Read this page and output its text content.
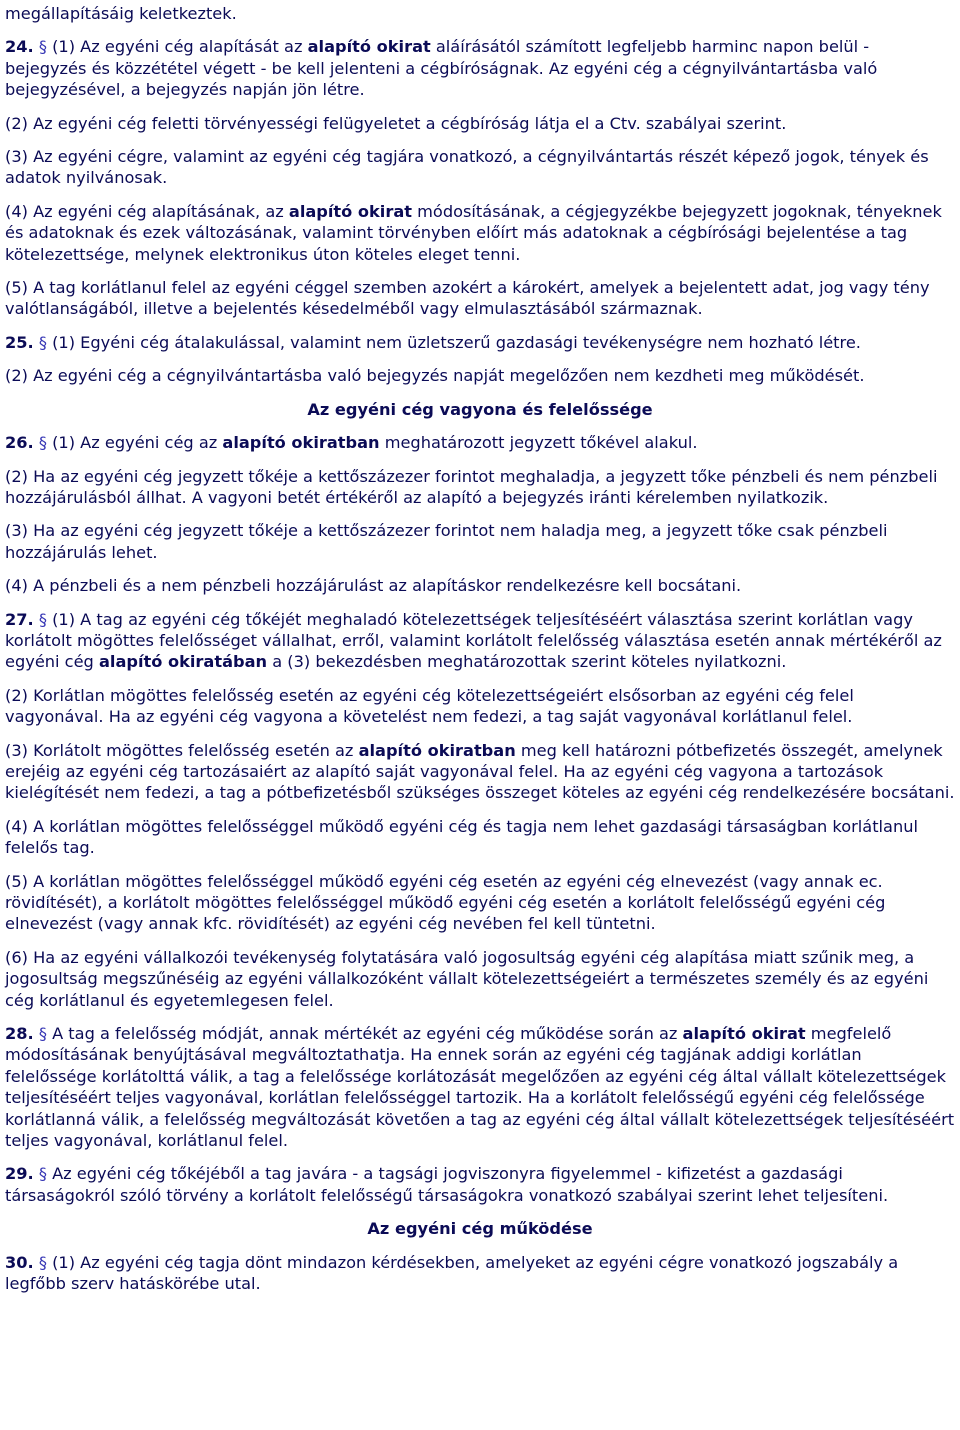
megállapításáig keletkeztek.

24. § (1) Az egyéni cég alapítását az alapító okirat aláírásától számított legfeljebb harminc napon belül - bejegyzés és közzététel végett - be kell jelenteni a cégbíróságnak. Az egyéni cég a cégnyilvántartásba való bejegyzésével, a bejegyzés napján jön létre.

(2) Az egyéni cég feletti törvényességi felügyeletet a cégbíróság látja el a Ctv. szabályai szerint.

(3) Az egyéni cégre, valamint az egyéni cég tagjára vonatkozó, a cégnyilvántartás részét képező jogok, tények és adatok nyilvánosak.

(4) Az egyéni cég alapításának, az alapító okirat módosításának, a cégjegyzékbe bejegyzett jogoknak, tényeknek és adatoknak és ezek változásának, valamint törvényben előírt más adatoknak a cégbírósági bejelentése a tag kötelezettsége, melynek elektronikus úton köteles eleget tenni.

(5) A tag korlátlanul felel az egyéni céggel szemben azokért a károkért, amelyek a bejelentett adat, jog vagy tény valótlanságából, illetve a bejelentés késedelméből vagy elmulasztásából származnak.

25. § (1) Egyéni cég átalakulással, valamint nem üzletszerű gazdasági tevékenységre nem hozható létre.

(2) Az egyéni cég a cégnyilvántartásba való bejegyzés napját megelőzően nem kezdheti meg működését.

Az egyéni cég vagyona és felelőssége

26. § (1) Az egyéni cég az alapító okiratban meghatározott jegyzett tőkével alakul.

(2) Ha az egyéni cég jegyzett tőkéje a kettőszázezer forintot meghaladja, a jegyzett tőke pénzbeli és nem pénzbeli hozzájárulásból állhat. A vagyoni betét értékéről az alapító a bejegyzés iránti kérelemben nyilatkozik.

(3) Ha az egyéni cég jegyzett tőkéje a kettőszázezer forintot nem haladja meg, a jegyzett tőke csak pénzbeli hozzájárulás lehet.

(4) A pénzbeli és a nem pénzbeli hozzájárulást az alapításkor rendelkezésre kell bocsátani.

27. § (1) A tag az egyéni cég tőkéjét meghaladó kötelezettségek teljesítéséért választása szerint korlátlan vagy korlátolt mögöttes felelősséget vállalhat, erről, valamint korlátolt felelősség választása esetén annak mértékéről az egyéni cég alapító okiratában a (3) bekezdésben meghatározottak szerint köteles nyilatkozni.

(2) Korlátlan mögöttes felelősség esetén az egyéni cég kötelezettségeiért elsősorban az egyéni cég felel vagyonával. Ha az egyéni cég vagyona a követelést nem fedezi, a tag saját vagyonával korlátlanul felel.

(3) Korlátolt mögöttes felelősség esetén az alapító okiratban meg kell határozni pótbefizetés összegét, amelynek erejéig az egyéni cég tartozásaiért az alapító saját vagyonával felel. Ha az egyéni cég vagyona a tartozások kielégítését nem fedezi, a tag a pótbefizetésből szükséges összeget köteles az egyéni cég rendelkezésére bocsátani.

(4) A korlátlan mögöttes felelősséggel működő egyéni cég és tagja nem lehet gazdasági társaságban korlátlanul felelős tag.

(5) A korlátlan mögöttes felelősséggel működő egyéni cég esetén az egyéni cég elnevezést (vagy annak ec. rövidítését), a korlátolt mögöttes felelősséggel működő egyéni cég esetén a korlátolt felelősségű egyéni cég elnevezést (vagy annak kfc. rövidítését) az egyéni cég nevében fel kell tüntetni.

(6) Ha az egyéni vállalkozói tevékenység folytatására való jogosultság egyéni cég alapítása miatt szűnik meg, a jogosultság megszűnéséig az egyéni vállalkozóként vállalt kötelezettségeiért a természetes személy és az egyéni cég korlátlanul és egyetemlegesen felel.

28. § A tag a felelősség módját, annak mértékét az egyéni cég működése során az alapító okirat megfelelő módosításának benyújtásával megváltoztathatja. Ha ennek során az egyéni cég tagjának addigi korlátlan felelőssége korlátolttá válik, a tag a felelőssége korlátozását megelőzően az egyéni cég által vállalt kötelezettségek teljesítéséért teljes vagyonával, korlátlan felelősséggel tartozik. Ha a korlátolt felelősségű egyéni cég felelőssége korlátlanná válik, a felelősség megváltozását követően a tag az egyéni cég által vállalt kötelezettségek teljesítéséért teljes vagyonával, korlátlanul felel.

29. § Az egyéni cég tőkéjéből a tag javára - a tagsági jogviszonyra figyelemmel - kifizetést a gazdasági társaságokról szóló törvény a korlátolt felelősségű társaságokra vonatkozó szabályai szerint lehet teljesíteni.

Az egyéni cég működése

30. § (1) Az egyéni cég tagja dönt mindazon kérdésekben, amelyeket az egyéni cégre vonatkozó jogszabály a legfőbb szerv hatáskörébe utal.
